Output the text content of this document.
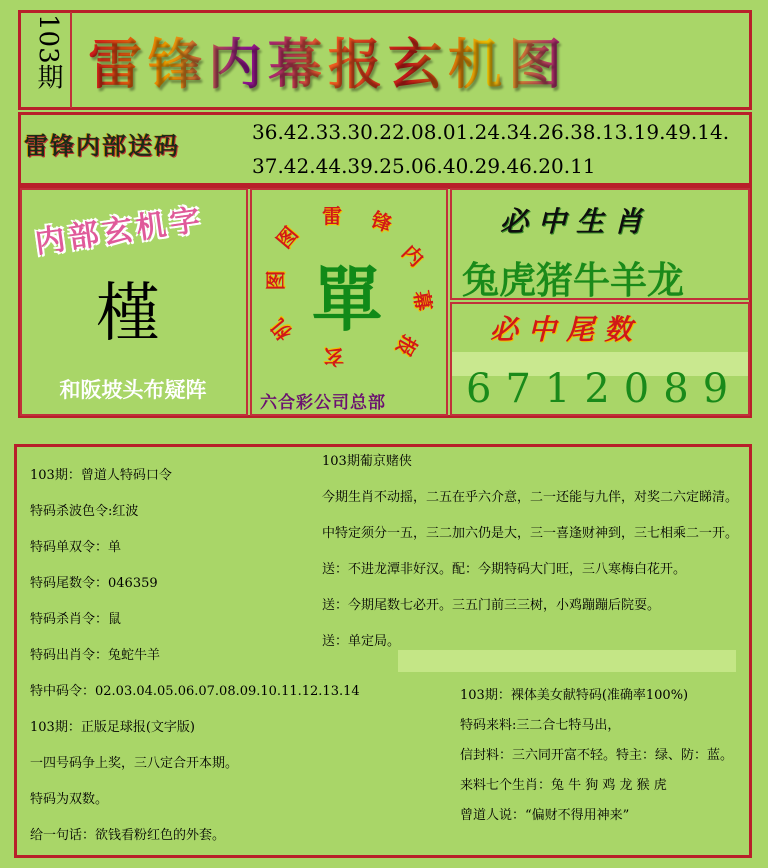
103期 雷锋内幕报玄机图
雷锋内部送码	36.42.33.30.22.08.01.24.34.26.38.13.19.49.14.
37.42.44.39.25.06.40.29.46.20.11
内部玄机字
槿
和阪坡头布疑阵
雷 锋
内
幕
报
玄
机
图
图
單
六合彩公司总部
必中生肖
兔虎猪牛羊龙
必中尾数
6712089
103期：曾道人特码口令
特码杀波色令:红波
特码单双令：单
特码尾数令：046359
特码杀肖令：鼠
特码出肖令：兔蛇牛羊
特中码令：02.03.04.05.06.07.08.09.10.11.12.13.14
103期：正版足球报(文字版)
一四号码争上奖，三八定合开本期。
特码为双数。
给一句话：欲钱看粉红色的外套。
103期葡京赌侠
今期生肖不动摇，二五在乎六介意，二一还能与九伴，对奖二六定睇清。
中特定须分一五，三二加六仍是大，三一喜逢财神到，三七相乘二一开。
送：不进龙潭非好汉。配：今期特码大门旺，三八寒梅白花开。
送：今期尾数七必开。三五门前三三树，小鸡蹦蹦后院耍。
送：单定局。
103期：裸体美女献特码(准确率100%)
特码来料:三二合七特马出，
信封料：三六同开富不轻。特主：绿、防：蓝。
来料七个生肖：兔 牛 狗 鸡 龙 猴 虎
曾道人说：“偏财不得用神来”
